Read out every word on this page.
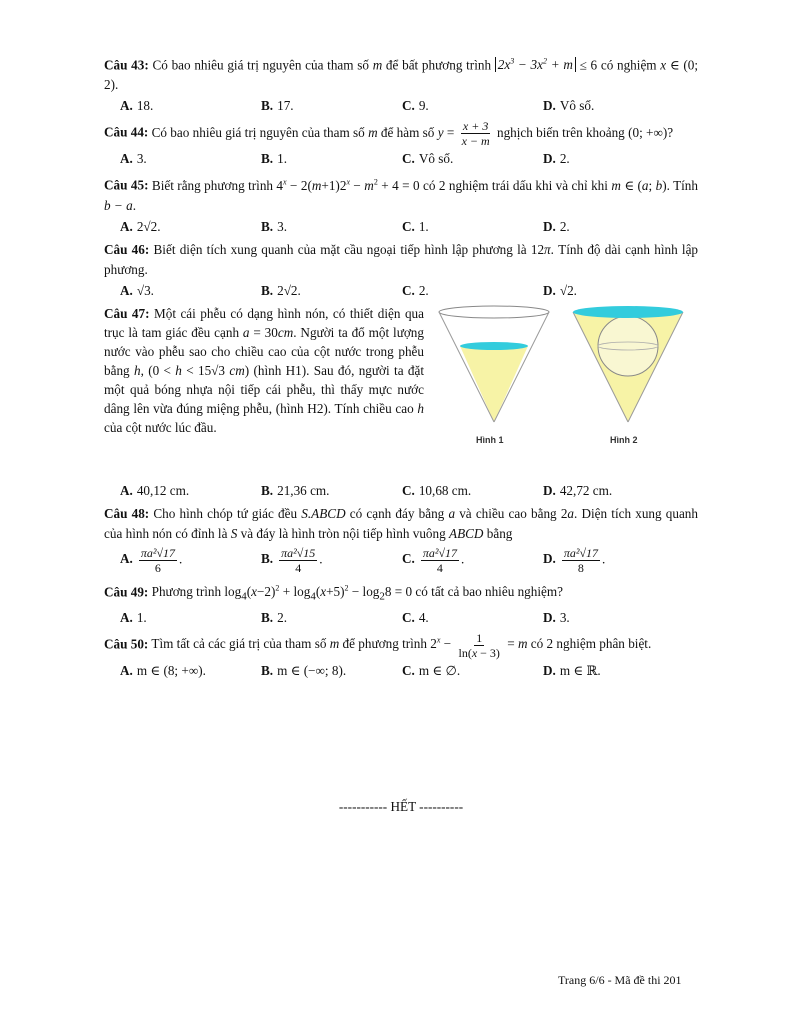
Câu 43: Có bao nhiêu giá trị nguyên của tham số m để bất phương trình $2x^3 - 3x^2 + m \le 6$ có nghiệm x ∈ (0; 2).
A. 18.	B. 17.	C. 9.	D. Vô số.
Câu 44: Có bao nhiêu giá trị nguyên của tham số m để hàm số $y = \frac{x + 3}{x - m}$ nghịch biến trên khoảng (0; +∞)?
A. 3.	B. 1.	C. Vô số.	D. 2.
Câu 45: Biết rằng phương trình $4^x - 2(m+1)2^x - m^2 + 4 = 0$ có 2 nghiệm trái dấu khi và chỉ khi m ∈ (a; b). Tính b − a.
A. 2√2.	B. 3.	C. 1.	D. 2.
Câu 46: Biết diện tích xung quanh của mặt cầu ngoại tiếp hình lập phương là 12π. Tính độ dài cạnh hình lập phương.
A. √3.	B. 2√2.	C. 2.	D. √2.
Câu 47: Một cái phễu có dạng hình nón, có thiết diện qua trục là tam giác đều cạnh a = 30cm. Người ta đổ một lượng nước vào phễu sao cho chiều cao của cột nước trong phễu bằng h, (0 < h < 15√3 cm) (hình H1). Sau đó, người ta đặt một quả bóng nhựa nội tiếp cái phễu, thì thấy mực nước dâng lên vừa đúng miệng phễu, (hình H2). Tính chiều cao h của cột nước lúc đầu.
Hình 1	Hình 2
A. 40,12 cm.	B. 21,36 cm.	C. 10,68 cm.	D. 42,72 cm.
Câu 48: Cho hình chóp tứ giác đều S.ABCD có cạnh đáy bằng a và chiều cao bằng 2a. Diện tích xung quanh của hình nón có đỉnh là S và đáy là hình tròn nội tiếp hình vuông ABCD bằng
A. $\frac{\text{πa²√17}}{6}$ .	B. $\frac{\text{πa²√15}}{4}$ .	C. $\frac{\text{πa²√17}}{4}$ .	D. $\frac{\text{πa²√17}}{8}$ .
Câu 49: Phương trình $\log_4(x-2)^2 + \log_4(x+5)^2 - \log_28 = 0$ có tất cả bao nhiêu nghiệm?
A. 1.	B. 2.	C. 4.	D. 3.
Câu 50: Tìm tất cả các giá trị của tham số m để phương trình $2^x - \frac{1}{\ln(x - 3)} = m$ có 2 nghiệm phân biệt.
A. m ∈ (8; +∞).	B. m ∈ (−∞; 8).	C. m ∈ ∅.	D. m ∈ ℝ.
----------- HẾT ----------
Trang 6/6 - Mã đề thi 201
